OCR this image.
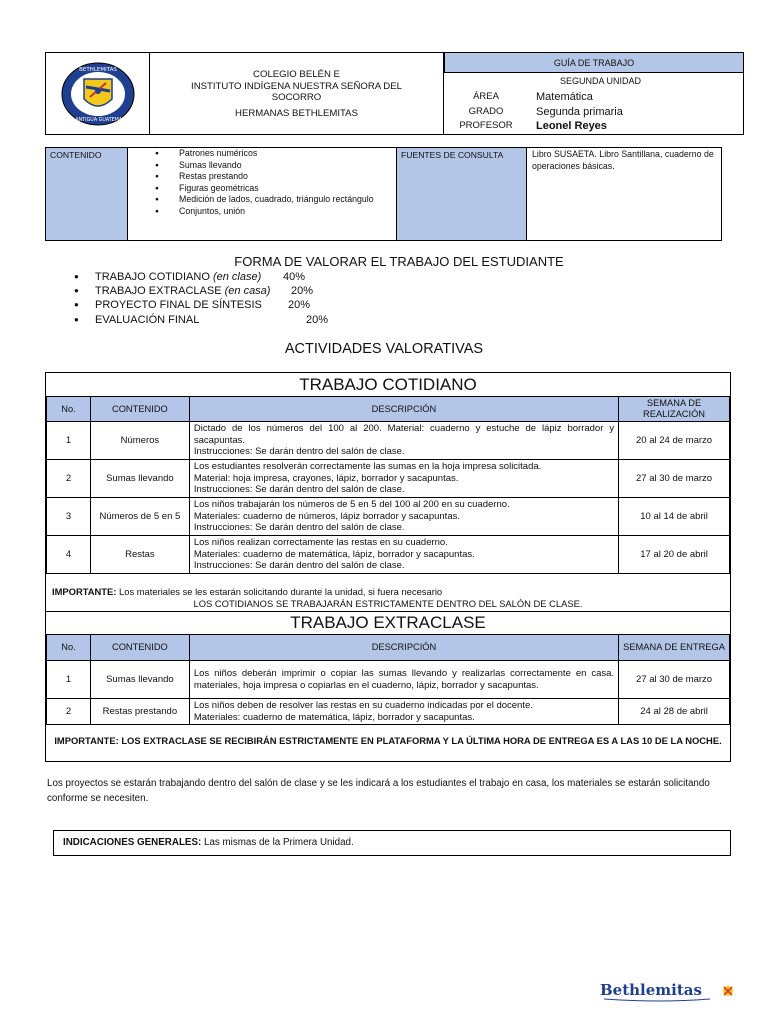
BETHLEMITAS
LA ANTIGUA GUATEMALA
COLEGIO BELÉN E
INSTITUTO INDÍGENA NUESTRA SEÑORA DEL
SOCORRO
HERMANAS BETHLEMITAS
GUÍA DE TRABAJO
SEGUNDA UNIDAD
ÁREA	Matemática
GRADO	Segunda primaria
PROFESOR Leonel Reyes
CONTENIDO	● Patrones numéricos
● Sumas llevando
● Restas prestando
● Figuras geométricas
● Medición de lados, cuadrado, triángulo rectángulo
● Conjuntos, unión
FUENTES DE CONSULTA	Libro SUSAETA. Libro Santillana, cuaderno de operaciones básicas.
FORMA DE VALORAR EL TRABAJO DEL ESTUDIANTE
● TRABAJO COTIDIANO (en clase) 40%
● TRABAJO EXTRACLASE (en casa) 20%
● PROYECTO FINAL DE SÍNTESIS 20%
● EVALUACIÓN FINAL	20%
ACTIVIDADES VALORATIVAS
TRABAJO COTIDIANO
No.	CONTENIDO	DESCRIPCIÓN	SEMANA DE REALIZACIÓN
1	Números	Dictado de los números del 100 al 200. Material: cuaderno y estuche de lápiz borrador y sacapuntas.
Instrucciones: Se darán dentro del salón de clase.	20 al 24 de marzo
2	Sumas llevando	Los estudiantes resolverán correctamente las sumas en la hoja impresa solicitada.
Material: hoja impresa, crayones, lápiz, borrador y sacapuntas.
Instrucciones: Se darán dentro del salón de clase.	27 al 30 de marzo
3	Números de 5 en 5	Los niños trabajarán los números de 5 en 5 del 100 al 200 en su cuaderno.
Materiales: cuaderno de números, lápiz borrador y sacapuntas.
Instrucciones: Se darán dentro del salón de clase.	10 al 14 de abril
4	Restas	Los niños realizan correctamente las restas en su cuaderno.
Materiales: cuaderno de matemática, lápiz, borrador y sacapuntas.
Instrucciones: Se darán dentro del salón de clase.	17 al 20 de abril
IMPORTANTE: Los materiales se les estarán solicitando durante la unidad, si fuera necesario
LOS COTIDIANOS SE TRABAJARÁN ESTRICTAMENTE DENTRO DEL SALÓN DE CLASE.
TRABAJO EXTRACLASE
No.	CONTENIDO	DESCRIPCIÓN	SEMANA DE ENTREGA
1	Sumas llevando	Los niños deberán imprimir o copiar las sumas llevando y realizarlas correctamente en casa. materiales, hoja impresa o copiarlas en el cuaderno, lápiz, borrador y sacapuntas.	27 al 30 de marzo
2	Restas prestando	Los niños deben de resolver las restas en su cuaderno indicadas por el docente.
Materiales: cuaderno de matemática, lápiz, borrador y sacapuntas.	24 al 28 de abril
IMPORTANTE: LOS EXTRACLASE SE RECIBIRÁN ESTRICTAMENTE EN PLATAFORMA Y LA ÚLTIMA HORA DE ENTREGA ES A LAS 10 DE LA NOCHE.
Los proyectos se estarán trabajando dentro del salón de clase y se les indicará a los estudiantes el trabajo en casa, los materiales se estarán solicitando conforme se necesiten.
INDICACIONES GENERALES: Las mismas de la Primera Unidad.
Bethlemitas
